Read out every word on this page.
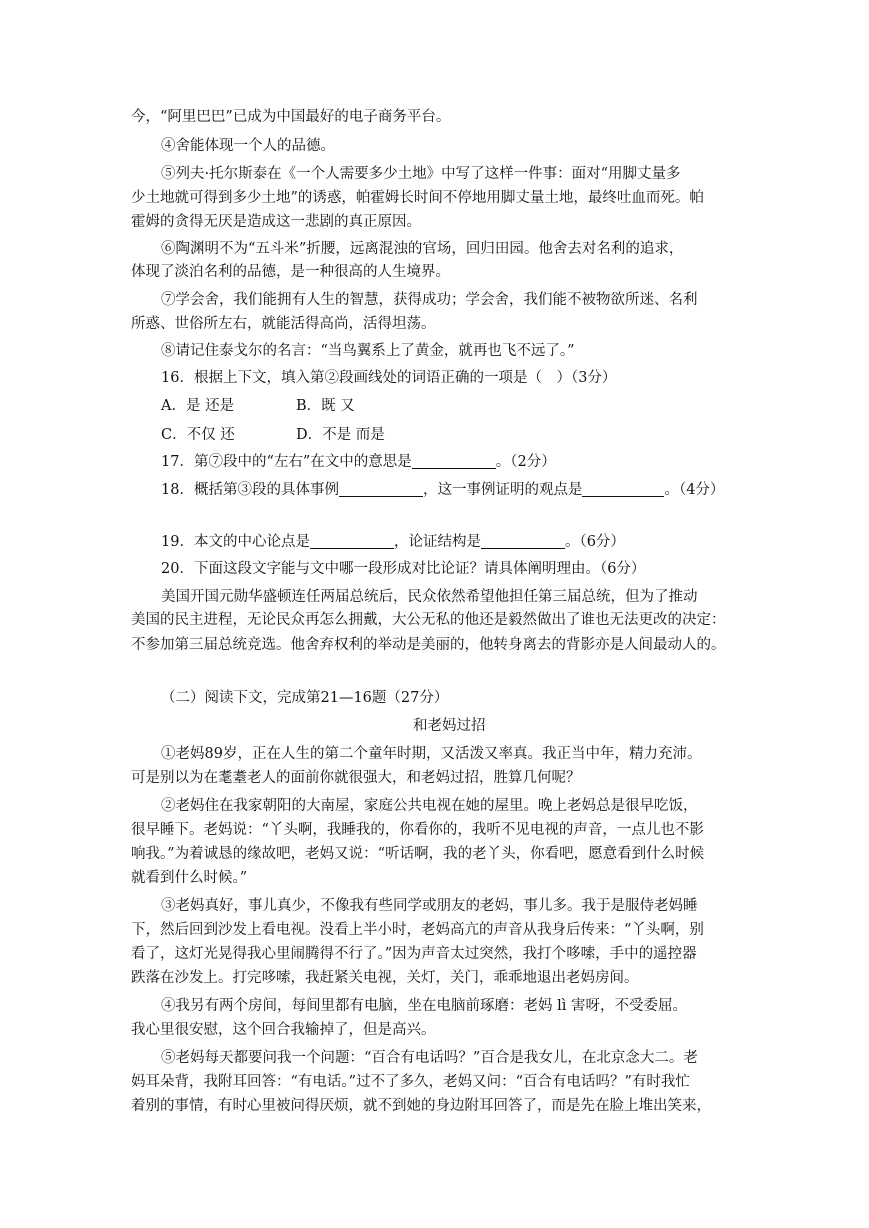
今，“阿里巴巴”已成为中国最好的电子商务平台。
④舍能体现一个人的品德。
⑤列夫·托尔斯泰在《一个人需要多少土地》中写了这样一件事：面对“用脚丈量多
少土地就可得到多少土地”的诱惑，帕霍姆长时间不停地用脚丈量土地，最终吐血而死。帕
霍姆的贪得无厌是造成这一悲剧的真正原因。
⑥陶渊明不为“五斗米”折腰，远离混浊的官场，回归田园。他舍去对名利的追求，
体现了淡泊名利的品德，是一种很高的人生境界。
⑦学会舍，我们能拥有人生的智慧，获得成功；学会舍，我们能不被物欲所迷、名利
所惑、世俗所左右，就能活得高尚，活得坦荡。
⑧请记住泰戈尔的名言：“当鸟翼系上了黄金，就再也飞不远了。”
16．根据上下文，填入第②段画线处的词语正确的一项是（　）（3分）
A．是 还是	B．既 又
C．不仅 还	D．不是 而是
17．第⑦段中的“左右”在文中的意思是	。（2分）
18．概括第③段的具体事例	，这一事例证明的观点是	。（4分）
19．本文的中心论点是	，论证结构是	。（6分）
20．下面这段文字能与文中哪一段形成对比论证？请具体阐明理由。（6分）
美国开国元勋华盛顿连任两届总统后，民众依然希望他担任第三届总统，但为了推动
美国的民主进程，无论民众再怎么拥戴，大公无私的他还是毅然做出了谁也无法更改的决定：
不参加第三届总统竞选。他舍弃权利的举动是美丽的，他转身离去的背影亦是人间最动人的。
（二）阅读下文，完成第21—16题（27分）
和老妈过招
①老妈89岁，正在人生的第二个童年时期，又活泼又率真。我正当中年，精力充沛。
可是别以为在耄耋老人的面前你就很强大，和老妈过招，胜算几何呢？
②老妈住在我家朝阳的大南屋，家庭公共电视在她的屋里。晚上老妈总是很早吃饭，
很早睡下。老妈说：“丫头啊，我睡我的，你看你的，我听不见电视的声音，一点儿也不影
响我。”为着诚恳的缘故吧，老妈又说：“听话啊，我的老丫头，你看吧，愿意看到什么时候
就看到什么时候。”
③老妈真好，事儿真少，不像我有些同学或朋友的老妈，事儿多。我于是服侍老妈睡
下，然后回到沙发上看电视。没看上半小时，老妈高亢的声音从我身后传来：“丫头啊，别
看了，这灯光晃得我心里闹腾得不行了。”因为声音太过突然，我打个哆嗦，手中的遥控器
跌落在沙发上。打完哆嗦，我赶紧关电视，关灯，关门，乖乖地退出老妈房间。
④我另有两个房间，每间里都有电脑，坐在电脑前琢磨：老妈 lì 害呀，不受委屈。
我心里很安慰，这个回合我输掉了，但是高兴。
⑤老妈每天都要问我一个问题：“百合有电话吗？”百合是我女儿，在北京念大二。老
妈耳朵背，我附耳回答：“有电话。”过不了多久，老妈又问：“百合有电话吗？”有时我忙
着别的事情，有时心里被问得厌烦，就不到她的身边附耳回答了，而是先在脸上堆出笑来，
